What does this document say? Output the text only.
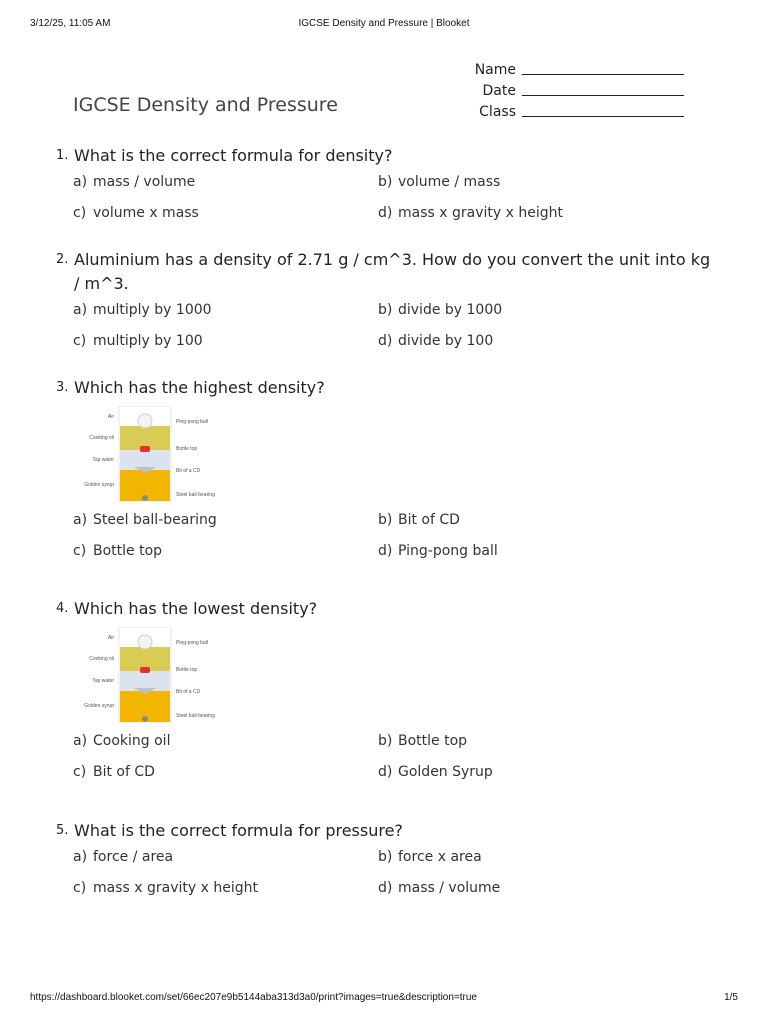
3/12/25, 11:05 AM	IGCSE Density and Pressure | Blooket
IGCSE Density and Pressure
Name
Date
Class
1. What is the correct formula for density?
a) mass / volume	b) volume / mass
c) volume x mass	d) mass x gravity x height
2. Aluminium has a density of 2.71 g / cm^3. How do you convert the unit into kg / m^3.
a) multiply by 1000	b) divide by 1000
c) multiply by 100	d) divide by 100
3. Which has the highest density?
Air
Cooking oil
Tap water
Golden syrup
Ping-pong ball
Bottle top
Bit of a CD
Steel ball-bearing
a) Steel ball-bearing	b) Bit of CD
c) Bottle top	d) Ping-pong ball
4. Which has the lowest density?
Air
Cooking oil
Tap water
Golden syrup
Ping-pong ball
Bottle top
Bit of a CD
Steel ball-bearing
a) Cooking oil	b) Bottle top
c) Bit of CD	d) Golden Syrup
5. What is the correct formula for pressure?
a) force / area	b) force x area
c) mass x gravity x height	d) mass / volume
https://dashboard.blooket.com/set/66ec207e9b5144aba313d3a0/print?images=true&description=true	1/5
